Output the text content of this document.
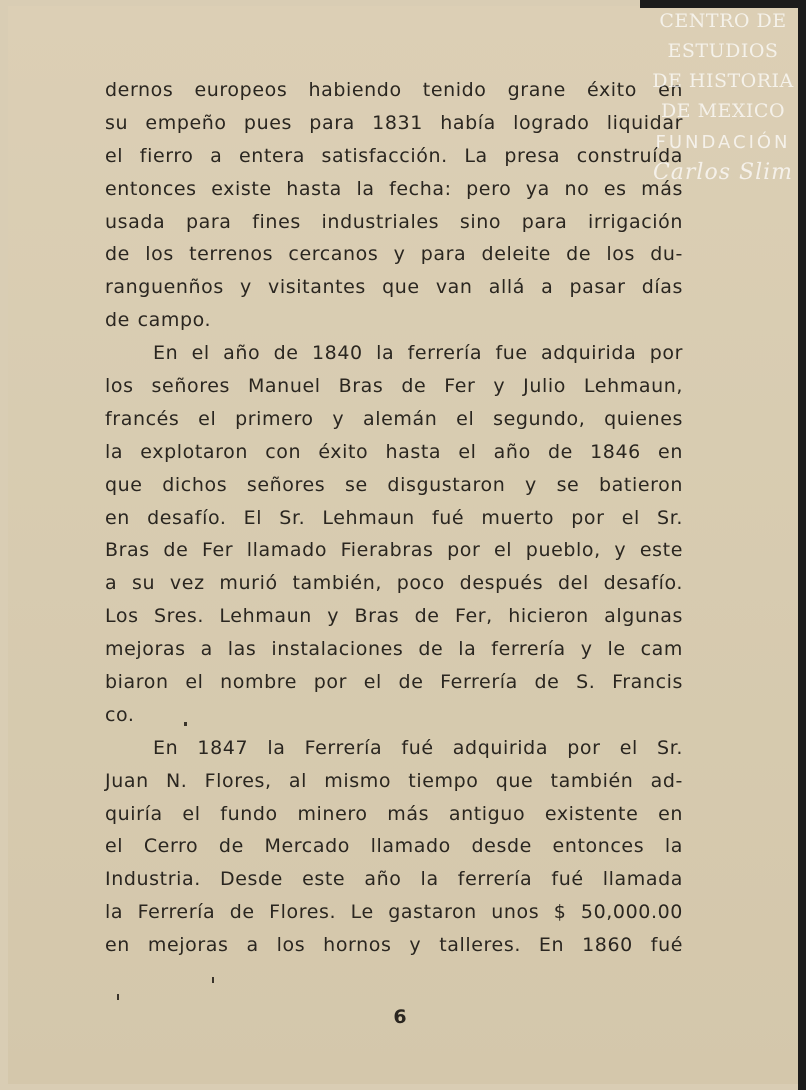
dernos europeos habiendo tenido grane éxito en
su empeño pues para 1831 había logrado liquidar
el fierro a entera satisfacción. La presa construída
entonces existe hasta la fecha: pero ya no es más
usada para fines industriales sino para irrigación
de los terrenos cercanos y para deleite de los du-
ranguenños y visitantes que van allá a pasar días
de campo.
En el año de 1840 la ferrería fue adquirida por
los señores Manuel Bras de Fer y Julio Lehmaun,
francés el primero y alemán el segundo, quienes
la explotaron con éxito hasta el año de 1846 en
que dichos señores se disgustaron y se batieron
en desafío. El Sr. Lehmaun fué muerto por el Sr.
Bras de Fer llamado Fierabras por el pueblo, y este
a su vez murió también, poco después del desafío.
Los Sres. Lehmaun y Bras de Fer, hicieron algunas
mejoras a las instalaciones de la ferrería y le cam
biaron el nombre por el de Ferrería de S. Francis
co.
En 1847 la Ferrería fué adquirida por el Sr.
Juan N. Flores, al mismo tiempo que también ad-
quiría el fundo minero más antiguo existente en
el Cerro de Mercado llamado desde entonces la
Industria. Desde este año la ferrería fué llamada
la Ferrería de Flores. Le gastaron unos $ 50,000.00
en mejoras a los hornos y talleres. En 1860 fué
6
CENTRO DE
ESTUDIOS
DE HISTORIA
DE MEXICO
FUNDACIÓN
Carlos Slim
